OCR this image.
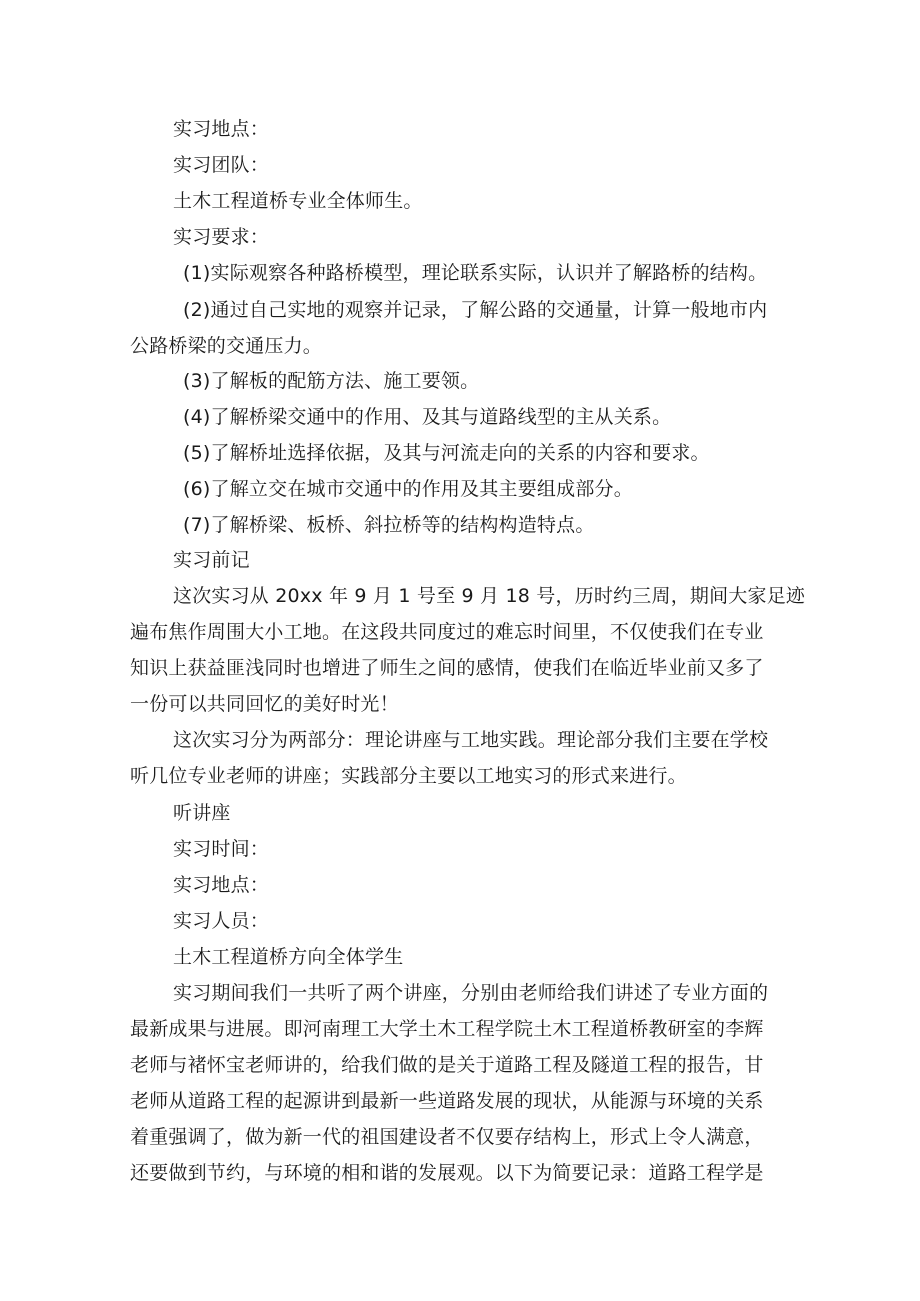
实习地点：
实习团队：
土木工程道桥专业全体师生。
实习要求：
(1)实际观察各种路桥模型，理论联系实际，认识并了解路桥的结构。
(2)通过自己实地的观察并记录，了解公路的交通量，计算一般地市内
公路桥梁的交通压力。
(3)了解板的配筋方法、施工要领。
(4)了解桥梁交通中的作用、及其与道路线型的主从关系。
(5)了解桥址选择依据，及其与河流走向的关系的内容和要求。
(6)了解立交在城市交通中的作用及其主要组成部分。
(7)了解桥梁、板桥、斜拉桥等的结构构造特点。
实习前记
这次实习从 20xx 年 9 月 1 号至 9 月 18 号，历时约三周，期间大家足迹
遍布焦作周围大小工地。在这段共同度过的难忘时间里，不仅使我们在专业
知识上获益匪浅同时也增进了师生之间的感情，使我们在临近毕业前又多了
一份可以共同回忆的美好时光！
这次实习分为两部分：理论讲座与工地实践。理论部分我们主要在学校
听几位专业老师的讲座；实践部分主要以工地实习的形式来进行。
听讲座
实习时间：
实习地点：
实习人员：
土木工程道桥方向全体学生
实习期间我们一共听了两个讲座，分别由老师给我们讲述了专业方面的
最新成果与进展。即河南理工大学土木工程学院土木工程道桥教研室的李辉
老师与褚怀宝老师讲的，给我们做的是关于道路工程及隧道工程的报告，甘
老师从道路工程的起源讲到最新一些道路发展的现状，从能源与环境的关系
着重强调了，做为新一代的祖国建设者不仅要存结构上，形式上令人满意，
还要做到节约，与环境的相和谐的发展观。以下为简要记录：道路工程学是
